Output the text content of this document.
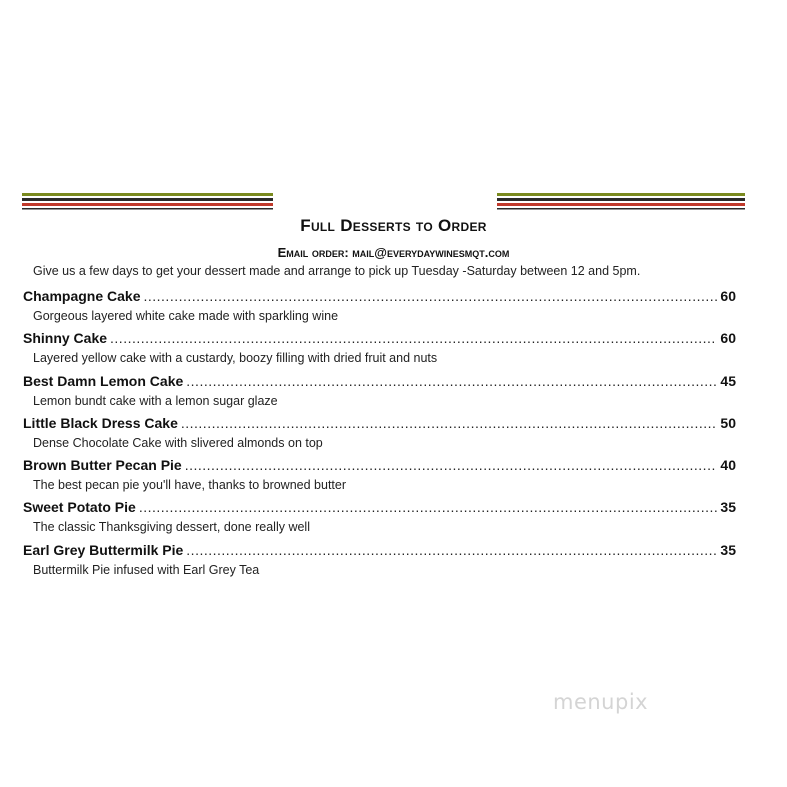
Full Desserts to Order
Email order: mail@everydaywinesmqt.com
Give us a few days to get your dessert made and arrange to pick up Tuesday -Saturday between 12 and 5pm.
Champagne Cake .....	60
Gorgeous layered white cake made with sparkling wine
Shinny Cake .....	60
Layered yellow cake with a custardy, boozy filling with dried fruit and nuts
Best Damn Lemon Cake .....	45
Lemon bundt cake with a lemon sugar glaze
Little Black Dress Cake .....	50
Dense Chocolate Cake with slivered almonds on top
Brown Butter Pecan Pie .....	40
The best pecan pie you'll have, thanks to browned butter
Sweet Potato Pie .....	35
The classic Thanksgiving dessert, done really well
Earl Grey Buttermilk Pie .....	35
Buttermilk Pie infused with Earl Grey Tea
menupix
